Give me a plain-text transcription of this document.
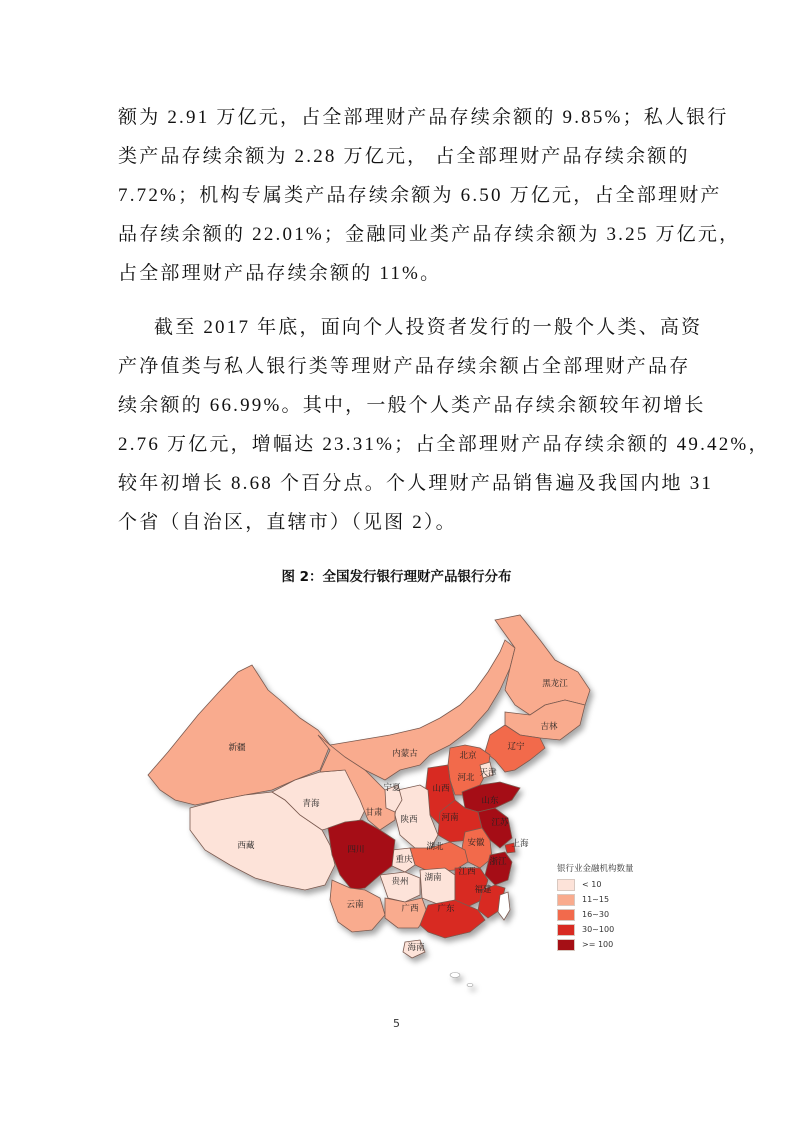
额为 2.91 万亿元，占全部理财产品存续余额的 9.85%；私人银行
类产品存续余额为 2.28 万亿元， 占全部理财产品存续余额的
7.72%；机构专属类产品存续余额为 6.50 万亿元，占全部理财产
品存续余额的 22.01%；金融同业类产品存续余额为 3.25 万亿元，
占全部理财产品存续余额的 11%。
截至 2017 年底，面向个人投资者发行的一般个人类、高资
产净值类与私人银行类等理财产品存续余额占全部理财产品存
续余额的 66.99%。其中，一般个人类产品存续余额较年初增长
2.76 万亿元，增幅达 23.31%；占全部理财产品存续余额的 49.42%，
较年初增长 8.68 个百分点。个人理财产品销售遍及我国内地 31
个省（自治区，直辖市）（见图 2）。
图 2：全国发行银行理财产品银行分布
新疆
西藏
青海
甘肃
内蒙古
宁夏
陕西
四川
重庆
云南
贵州
广西
湖南
湖北
河南
山西
河北
北京
天津
辽宁
吉林
黑龙江
山东
江苏
安徽	上海
浙江
江西
福建
广东
海南
银行业金融机构数量
< 10
11~15
16~30
30~100
>= 100
5
